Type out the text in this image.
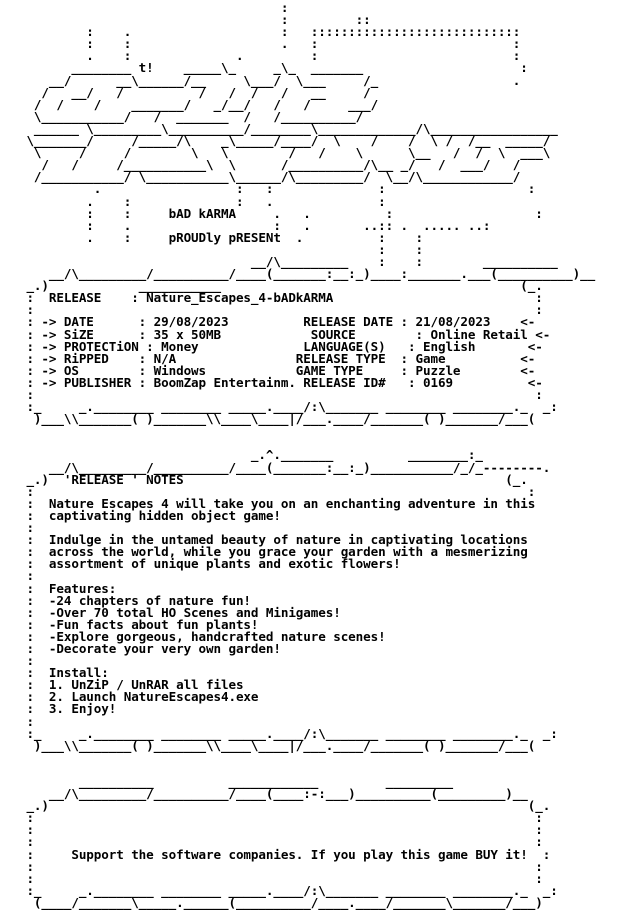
:
:         ::
:    .                    :   ::::::::::::::::::::::::::::
:    :                    .   :                          :
.    :              .         :                          :
________ t!    _____\_     _\_  _______                     :
__/      __\______/__     \___/  \___     /_                  .
/   __/   /          /   /  /   /   __     /
/  /    /    _______/   _/__/   /   /     ___/
\___________/   /  _______  /   /__________/
______ \_________\__________/________\_____________/\_________________
\_______/     /_____/\    _\_____/____/  \    /    /  \ /  /__  _____/
\     /     /        \   \        /   /    \      \__   /  /  \  ___\
/   /     /___________\  \      /__________/\__ _/   /  ___/   /
/___________/ \___________\______/\_________/  \__/\____________/
.                  :   :              :                   :
.    :              :   .              :
:    :     bAD kARMA     .   .          :                   :
:    .                   :   .       ..:: .  ..... ..:
.    :     pROUDly pRESENt  .          :    :
:    :
__/\_________    :    :        __________
__/\_________/__________/____(_______:__:_)____:_______.___(__________)__
_.)            ___________                                        (_.
:  RELEASE    : Nature_Escapes_4-bADkARMA                           :
:                                                                   :
: -> DATE      : 29/08/2023          RELEASE DATE : 21/08/2023    <-
: -> SiZE      : 35 x 50MB            SOURCE        : Online Retail <-
: -> PROTECTiON : Money              LANGUAGE(S)   : English       <-
: -> RiPPED    : N/A                RELEASE TYPE  : Game          <-
: -> OS        : Windows            GAME TYPE     : Puzzle        <-
: -> PUBLISHER : BoomZap Entertainm. RELEASE ID#   : 0169          <-
:                                                                   :
:_     _.________ ________ _____.____/:\_______ ________ ________._  _:
)___\\_______( )_______\\____\____|/___.____/_______( )_______/___(

_.^._______          ________:_
__/\_________/__________/____(_______:__:_)___________/_/_--------.
_.)  'RELEASE ' NOTES                                           (_.
:                                                                  :
:  Nature Escapes 4 will take you on an enchanting adventure in this
:  captivating hidden object game!
:
:  Indulge in the untamed beauty of nature in captivating locations
:  across the world, while you grace your garden with a mesmerizing
:  assortment of unique plants and exotic flowers!
:
:  Features:
:  -24 chapters of nature fun!
:  -Over 70 total HO Scenes and Minigames!
:  -Fun facts about fun plants!
:  -Explore gorgeous, handcrafted nature scenes!
:  -Decorate your very own garden!
:
:  Install:
:  1. UnZiP / UnRAR all files
:  2. Launch NatureEscapes4.exe
:  3. Enjoy!
:
:_     _.________ ________ _____.____/:\_______ ________ ________._  _:
)___\\_______( )_______\\____\____|/___.____/_______( )_______/___(

__________          ____________         _________
__/\_________/__________/____(____:-:___)__________(_________)__
_.)                                                                (_.
:                                                                   :
:                                                                   :
:                                                                   :
:     Support the software companies. If you play this game BUY it!  :
:                                                                   :
:                                                                   :
:_     _.________ ________ _____.____/:\_______ ________ ________._  _:
(____/_______\_____.______(__________/____.____/_______\_______/___)
